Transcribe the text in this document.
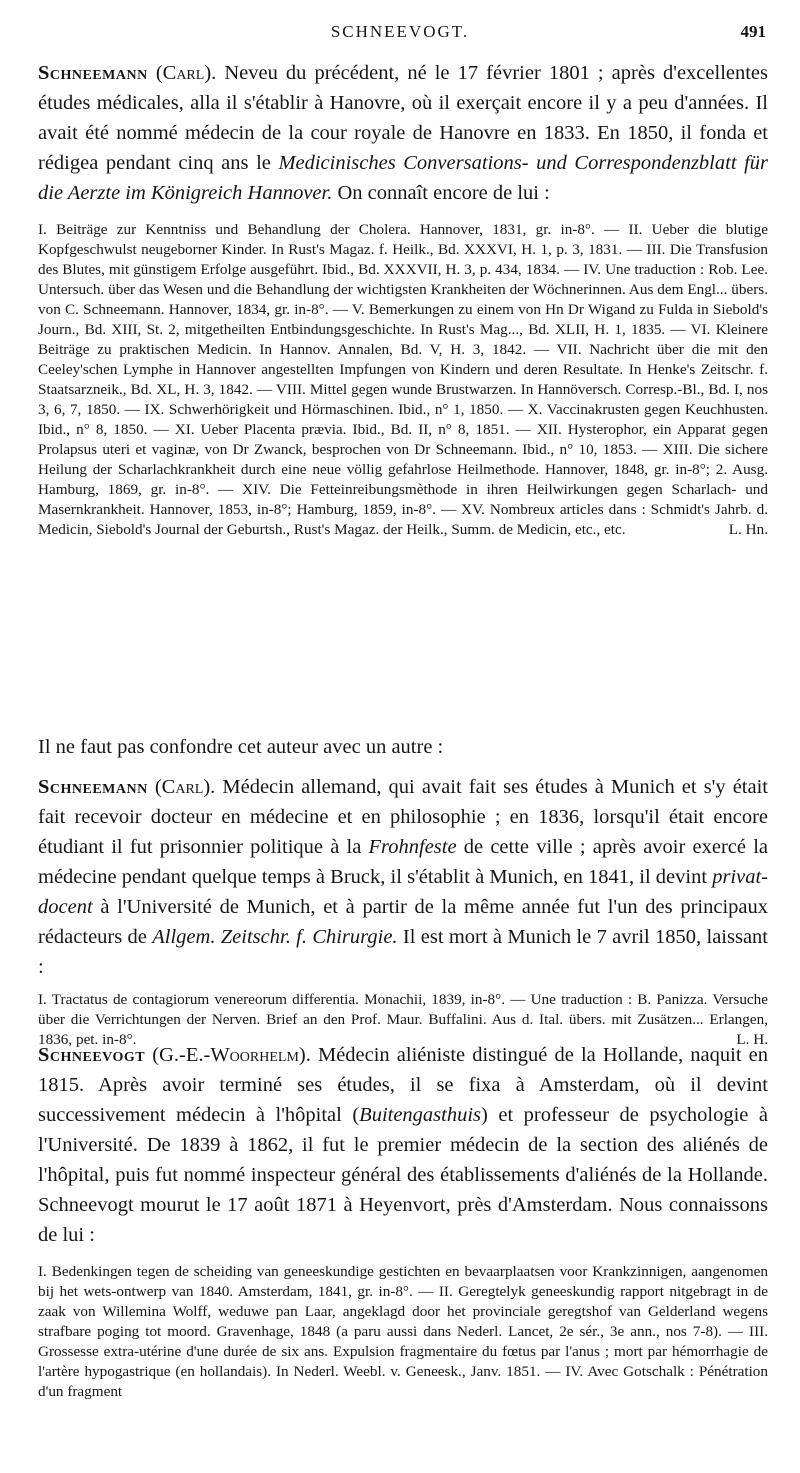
SCHNEEVOGT.	491

Schneemann (Carl). Neveu du précédent, né le 17 février 1801 ; après d'excellentes études médicales, alla il s'établir à Hanovre, où il exerçait encore il y a peu d'années. Il avait été nommé médecin de la cour royale de Hanovre en 1833. En 1850, il fonda et rédigea pendant cinq ans le Medicinisches Conversations- und Correspondenzblatt für die Aerzte im Königreich Hannover. On connaît encore de lui :

I. Beiträge zur Kenntniss und Behandlung der Cholera. Hannover, 1831, gr. in-8°. — II. Ueber die blutige Kopfgeschwulst neugeborner Kinder. In Rust's Magaz. f. Heilk., Bd. XXXVI, H. 1, p. 3, 1831. — III. Die Transfusion des Blutes, mit günstigem Erfolge ausgeführt. Ibid., Bd. XXXVII, H. 3, p. 434, 1834. — IV. Une traduction : Rob. Lee. Untersuch. über das Wesen und die Behandlung der wichtigsten Krankheiten der Wöchnerinnen. Aus dem Engl... übers. von C. Schneemann. Hannover, 1834, gr. in-8°. — V. Bemerkungen zu einem von Hn Dr Wigand zu Fulda in Siebold's Journ., Bd. XIII, St. 2, mitgetheilten Entbindungsgeschichte. In Rust's Mag..., Bd. XLII, H. 1, 1835. — VI. Kleinere Beiträge zu praktischen Medicin. In Hannov. Annalen, Bd. V, H. 3, 1842. — VII. Nachricht über die mit den Ceeley'schen Lymphe in Hannover angestellten Impfungen von Kindern und deren Resultate. In Henke's Zeitschr. f. Staatsarzneik., Bd. XL, H. 3, 1842. — VIII. Mittel gegen wunde Brustwarzen. In Hannöversch. Corresp.-Bl., Bd. I, nos 3, 6, 7, 1850. — IX. Schwerhörigkeit und Hörmaschinen. Ibid., n° 1, 1850. — X. Vaccinakrusten gegen Keuchhusten. Ibid., n° 8, 1850. — XI. Ueber Placenta prævia. Ibid., Bd. II, n° 8, 1851. — XII. Hysterophor, ein Apparat gegen Prolapsus uteri et vaginæ, von Dr Zwanck, besprochen von Dr Schneemann. Ibid., n° 10, 1853. — XIII. Die sichere Heilung der Scharlachkrankheit durch eine neue völlig gefahrlose Heilmethode. Hannover, 1848, gr. in-8°; 2. Ausg. Hamburg, 1869, gr. in-8°. — XIV. Die Fetteinreibungsmèthode in ihren Heilwirkungen gegen Scharlach- und Masernkrankheit. Hannover, 1853, in-8°; Hamburg, 1859, in-8°. — XV. Nombreux articles dans : Schmidt's Jahrb. d. Medicin, Siebold's Journal der Geburtsh., Rust's Magaz. der Heilk., Summ. de Medicin, etc., etc.	L. Hn.

Il ne faut pas confondre cet auteur avec un autre :

Schneemann (Carl). Médecin allemand, qui avait fait ses études à Munich et s'y était fait recevoir docteur en médecine et en philosophie ; en 1836, lorsqu'il était encore étudiant il fut prisonnier politique à la Frohnfeste de cette ville ; après avoir exercé la médecine pendant quelque temps à Bruck, il s'établit à Munich, en 1841, il devint privat-docent à l'Université de Munich, et à partir de la même année fut l'un des principaux rédacteurs de Allgem. Zeitschr. f. Chirurgie. Il est mort à Munich le 7 avril 1850, laissant :

I. Tractatus de contagiorum venereorum differentia. Monachii, 1839, in-8°. — Une traduction : B. Panizza. Versuche über die Verrichtungen der Nerven. Brief an den Prof. Maur. Buffalini. Aus d. Ital. übers. mit Zusätzen... Erlangen, 1836, pet. in-8°.	L. H.

Schneevogt (G.-E.-Woorhelm). Médecin aliéniste distingué de la Hollande, naquit en 1815. Après avoir terminé ses études, il se fixa à Amsterdam, où il devint successivement médecin à l'hôpital (Buitengasthuis) et professeur de psychologie à l'Université. De 1839 à 1862, il fut le premier médecin de la section des aliénés de l'hôpital, puis fut nommé inspecteur général des établissements d'aliénés de la Hollande. Schneevogt mourut le 17 août 1871 à Heyenvort, près d'Amsterdam. Nous connaissons de lui :

I. Bedenkingen tegen de scheiding van geneeskundige gestichten en bevaarplaatsen voor Krankzinnigen, aangenomen bij het wets-ontwerp van 1840. Amsterdam, 1841, gr. in-8°. — II. Geregtelyk geneeskundig rapport nitgebragt in de zaak von Willemina Wolff, weduwe pan Laar, angeklagd door het provinciale geregtshof van Gelderland wegens strafbare poging tot moord. Gravenhage, 1848 (a paru aussi dans Nederl. Lancet, 2e sér., 3e ann., nos 7-8). — III. Grossesse extra-utérine d'une durée de six ans. Expulsion fragmentaire du fœtus par l'anus ; mort par hémorrhagie de l'artère hypogastrique (en hollandais). In Nederl. Weebl. v. Geneesk., Janv. 1851. — IV. Avec Gotschalk : Pénétration d'un fragment
